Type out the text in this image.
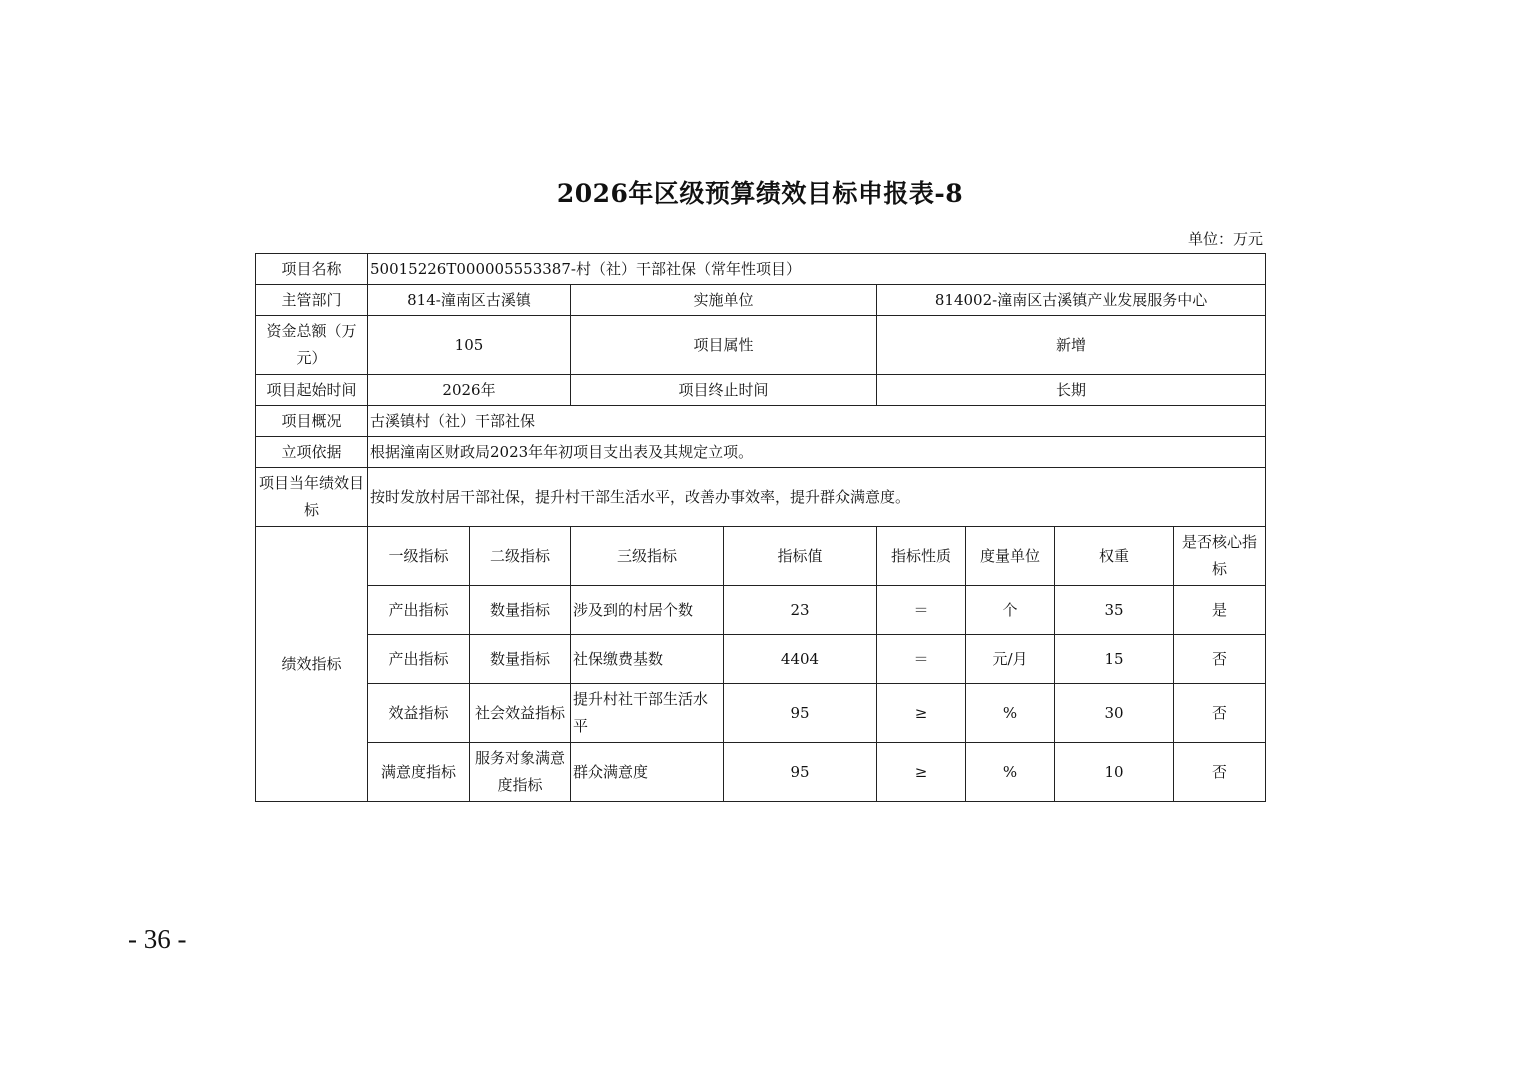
2026年区级预算绩效目标申报表-8
单位：万元
项目名称	50015226T000005553387-村（社）干部社保（常年性项目）							
主管部门	814-潼南区古溪镇		实施单位		814002-潼南区古溪镇产业发展服务中心			
资金总额（万元）	105		项目属性		新增			
项目起始时间	2026年		项目终止时间		长期			
项目概况	古溪镇村（社）干部社保							
立项依据	根据潼南区财政局2023年年初项目支出表及其规定立项。							
项目当年绩效目标	按时发放村居干部社保，提升村干部生活水平，改善办事效率，提升群众满意度。							
绩效指标	一级指标	二级指标	三级指标	指标值	指标性质	度量单位	权重	是否核心指标
	产出指标	数量指标	涉及到的村居个数	23	＝	个	35	是
	产出指标	数量指标	社保缴费基数	4404	＝	元/月	15	否
	效益指标	社会效益指标	提升村社干部生活水平	95	≥	%	30	否
	满意度指标	服务对象满意度指标	群众满意度	95	≥	%	10	否
- 36 -
